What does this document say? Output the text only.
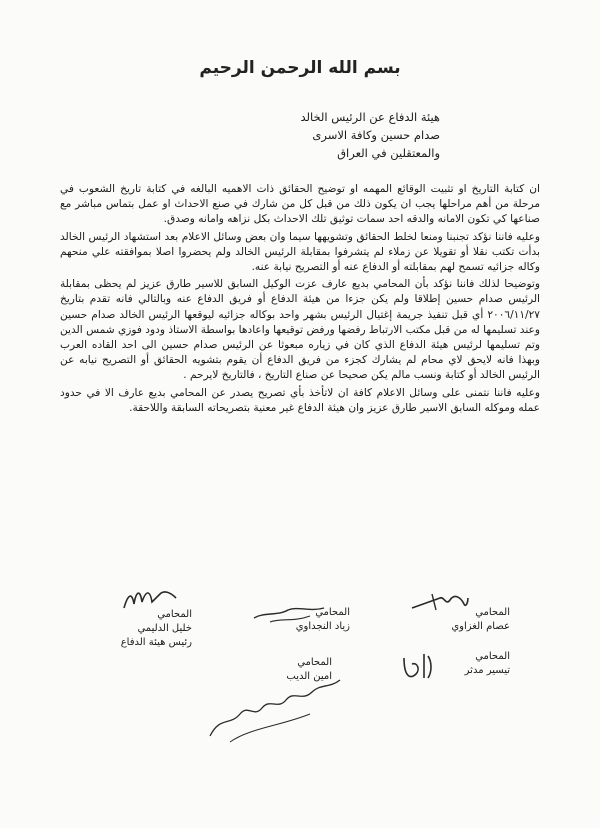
بسم الله الرحمن الرحيم
هيئة الدفاع عن الرئيس الخالد
صدام حسين وكافة الاسرى
والمعتقلين في العراق

ان كتابة التاريخ او تثبيت الوقائع المهمه او توضيح الحقائق ذات الاهميه البالغه في كتابة تاريخ الشعوب في مرحلة من أهم مراحلها يجب ان يكون ذلك من قبل كل من شارك في صنع الاحداث او عمل بتماس مباشر مع صناعها كي تكون الامانه والدقه احد سمات توثيق تلك الاحداث بكل نزاهه وامانه وصدق.

وعليه فاننا نؤكد تجنبنا ومنعا لخلط الحقائق وتشويهها سيما وان بعض وسائل الاعلام بعد استشهاد الرئيس الخالد بدأت تكتب نقلا أو تقويلا عن زملاء لم يتشرفوا بمقابلة الرئيس الخالد ولم يحضروا اصلا بموافقته علي منحهم وكاله جزائيه تسمح لهم بمقابلته أو الدفاع عنه أو التصريح نيابة عنه.

وتوضيحا لذلك فاننا نؤكد بأن المحامي بديع عارف عزت الوكيل السابق للاسير طارق عزيز لم يحظى بمقابلة الرئيس صدام حسين إطلاقا ولم يكن جزءا من هيئة الدفاع أو فريق الدفاع عنه وبالتالي فانه تقدم بتاريخ ٢٠٠٦/١١/٢٧ أي قبل تنفيذ جريمة إغتيال الرئيس بشهر واحد بوكاله جزائيه ليوقعها الرئيس الخالد صدام حسين وعند تسليمها له من قبل مكتب الارتباط رفضها ورفض توقيعها واعادها بواسطة الاستاذ ودود فوزي شمس الدين وتم تسليمها لرئيس هيئة الدفاع الذي كان في زياره مبعوثا عن الرئيس صدام حسين الى احد القاده العرب وبهذا فانه لايحق لاي محام لم يشارك كجزء من فريق الدفاع أن يقوم بتشويه الحقائق أو التصريح نيابه عن الرئيس الخالد أو كتابة ونسب مالم يكن صحيحا عن صناع التاريخ ، فالتاريخ لايرحم .

وعليه فاننا نتمنى على وسائل الاعلام كافة ان لاتأخذ بأي تصريح يصدر عن المحامي بديع عارف الا في حدود عمله وموكله السابق الاسير طارق عزيز وان هيئة الدفاع غير معنية بتصريحاته السابقة واللاحقة.

المحامي
خليل الدليمي
رئيس هيئة الدفاع
المحامي
زياد النجداوي
المحامي
عصام الغزاوي
المحامي
امين الديب
المحامي
تيسير مدثر
